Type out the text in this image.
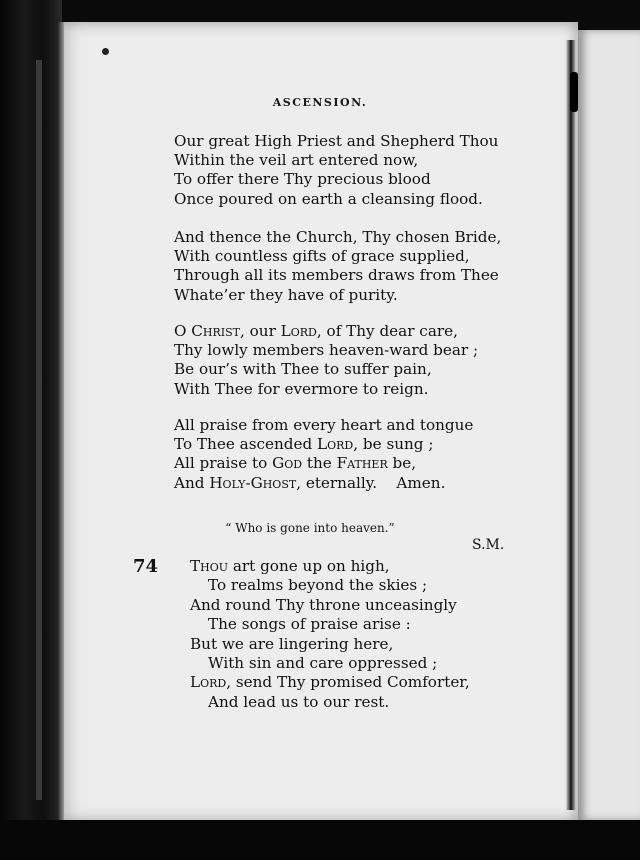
ASCENSION.
Our great High Priest and Shepherd Thou
Within the veil art entered now,
To offer there Thy precious blood
Once poured on earth a cleansing flood.
And thence the Church, Thy chosen Bride,
With countless gifts of grace supplied,
Through all its members draws from Thee
Whate’er they have of purity.
O Christ, our Lord, of Thy dear care,
Thy lowly members heaven-ward bear ;
Be our’s with Thee to suffer pain,
With Thee for evermore to reign.
All praise from every heart and tongue
To Thee ascended Lord, be sung ;
All praise to God the Father be,
And Holy-Ghost, eternally.    Amen.
“ Who is gone into heaven.”
S.M.
74 Thou art gone up on high,
To realms beyond the skies ;
And round Thy throne unceasingly
The songs of praise arise :
But we are lingering here,
With sin and care oppressed ;
Lord, send Thy promised Comforter,
And lead us to our rest.
